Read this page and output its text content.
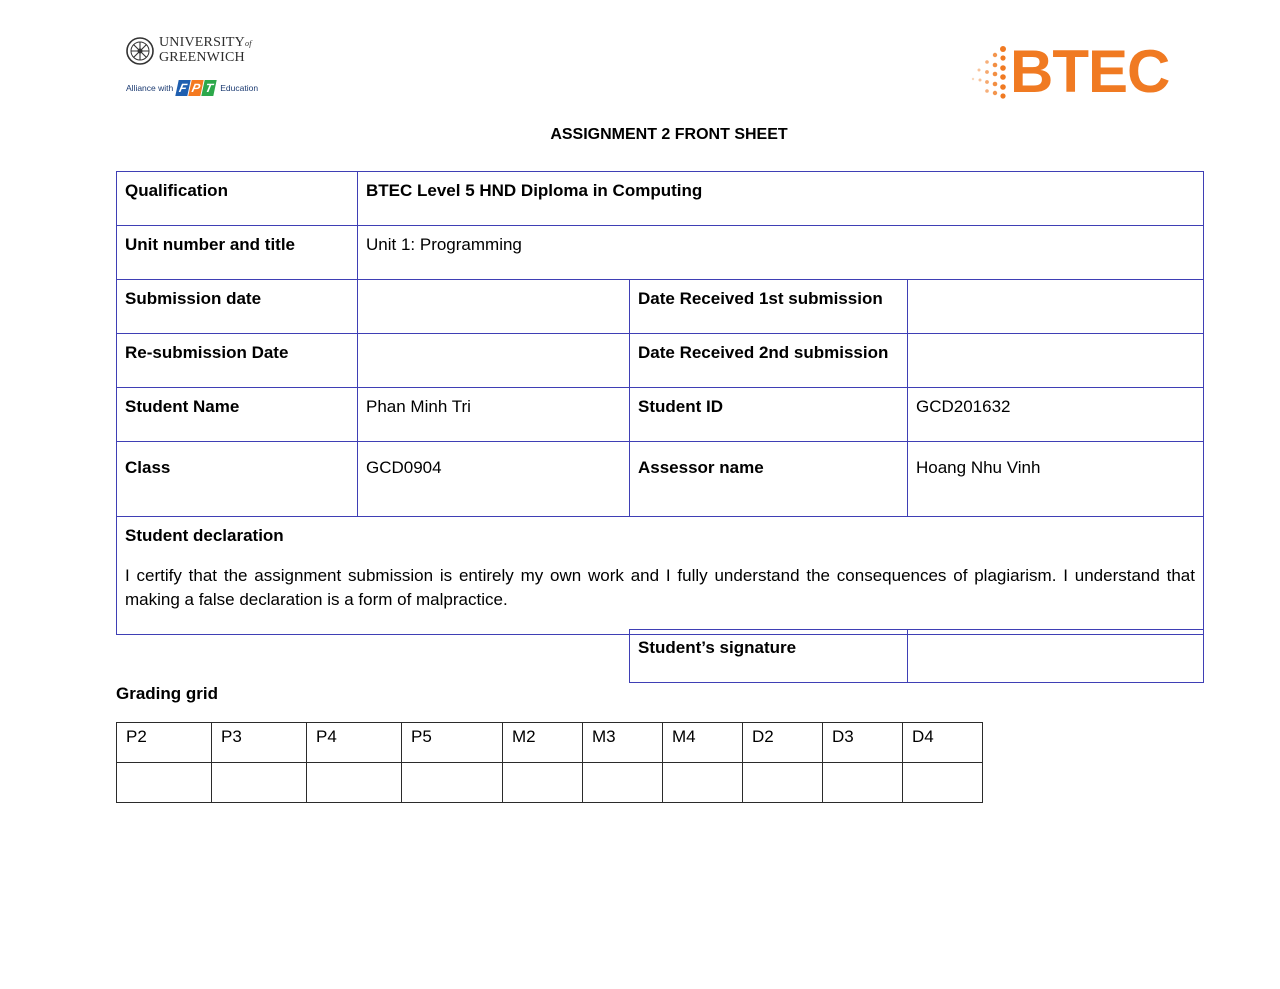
UNIVERSITYof
GREENWICH
Alliance with F P T Education	BTEC
ASSIGNMENT 2 FRONT SHEET
Qualification	BTEC Level 5 HND Diploma in Computing		
Unit number and title	Unit 1: Programming		
Submission date		Date Received 1st submission	
Re-submission Date		Date Received 2nd submission	
Student Name	Phan Minh Tri	Student ID	GCD201632
Class	GCD0904	Assessor name	Hoang Nhu Vinh

Student declaration
I certify that the assignment submission is entirely my own work and I fully understand the consequences of plagiarism. I understand that making a false declaration is a form of malpractice.			
Student’s signature	
Grading grid
P2	P3	P4	P5	M2	M3	M4	D2	D3	D4
